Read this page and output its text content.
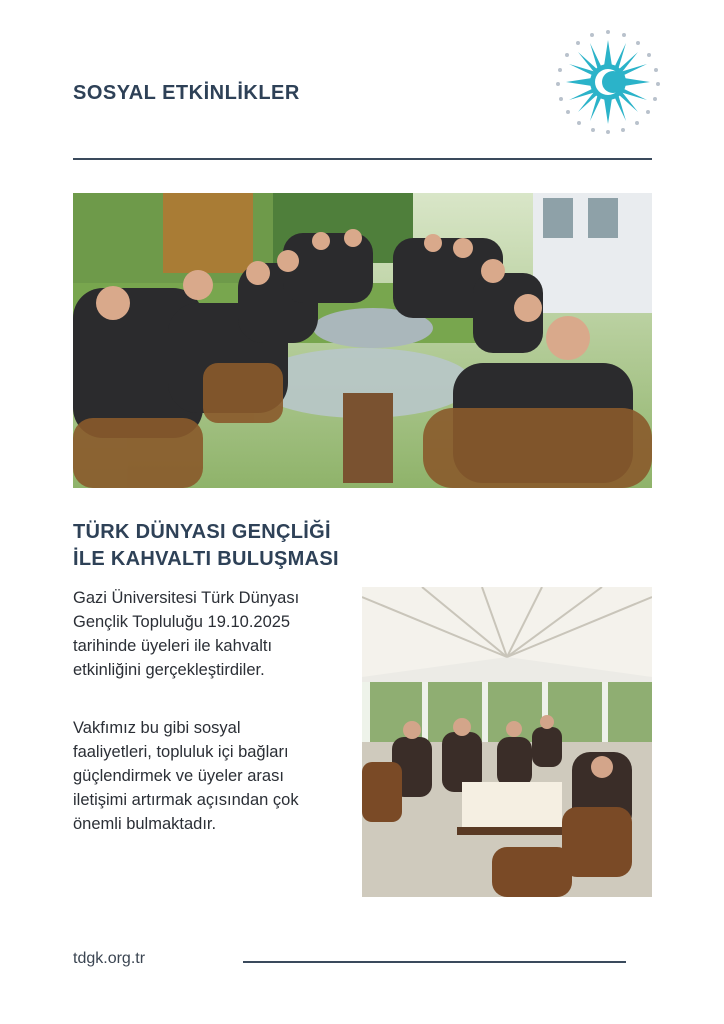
SOSYAL ETKİNLİKLER
TÜRK DÜNYASI GENÇLİĞİ
İLE KAHVALTI BULUŞMASI

Gazi Üniversitesi Türk Dünyası
Gençlik Topluluğu 19.10.2025
tarihinde üyeleri ile kahvaltı
etkinliğini gerçekleştirdiler.

Vakfımız bu gibi sosyal
faaliyetleri, topluluk içi bağları
güçlendirmek ve üyeler arası
iletişimi artırmak açısından çok
önemli bulmaktadır.

tdgk.org.tr
